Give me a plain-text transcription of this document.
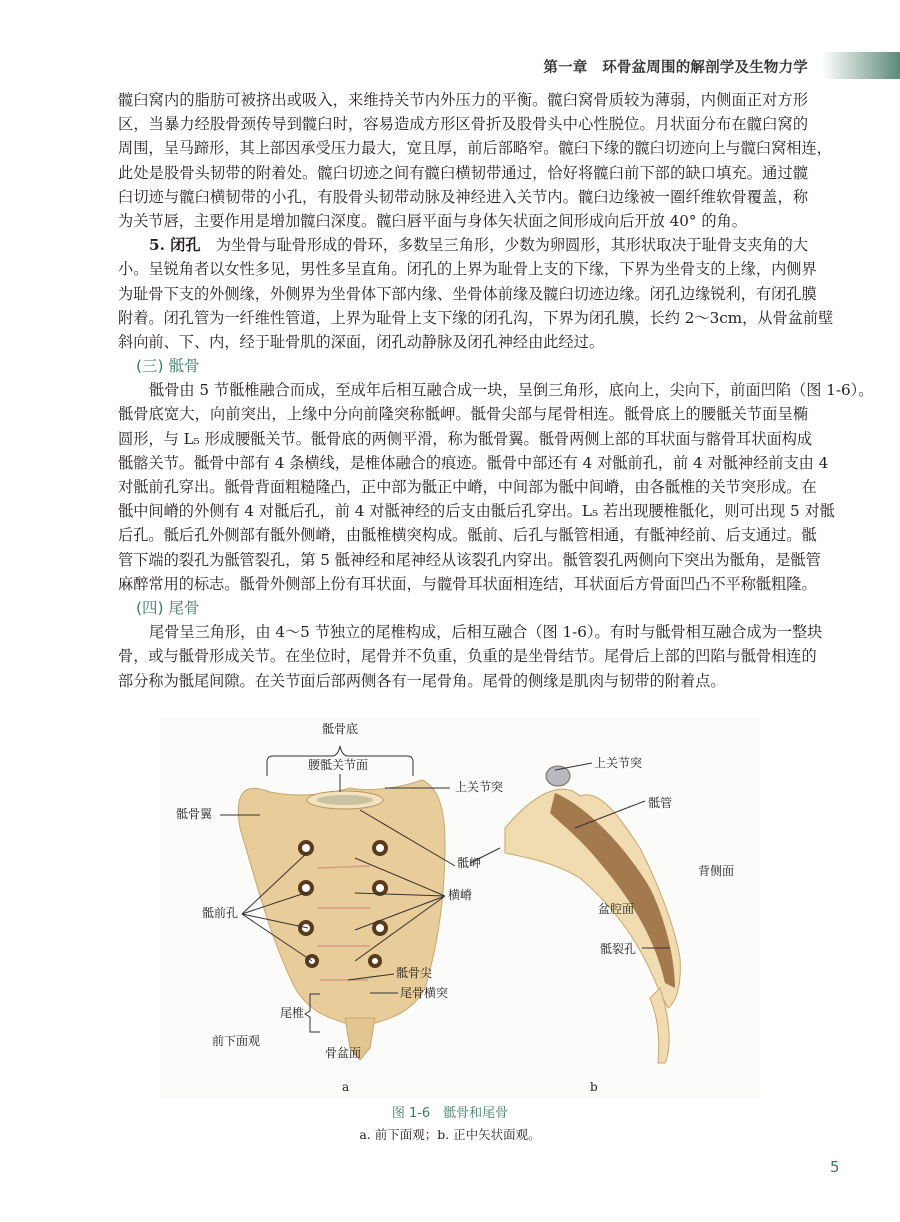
第一章　环骨盆周围的解剖学及生物力学
髋臼窝内的脂肪可被挤出或吸入，来维持关节内外压力的平衡。髋臼窝骨质较为薄弱，内侧面正对方形
区，当暴力经股骨颈传导到髋臼时，容易造成方形区骨折及股骨头中心性脱位。月状面分布在髋臼窝的
周围，呈马蹄形，其上部因承受压力最大，宽且厚，前后部略窄。髋臼下缘的髋臼切迹向上与髋臼窝相连，
此处是股骨头韧带的附着处。髋臼切迹之间有髋臼横韧带通过，恰好将髋臼前下部的缺口填充。通过髋
臼切迹与髋臼横韧带的小孔，有股骨头韧带动脉及神经进入关节内。髋臼边缘被一圈纤维软骨覆盖，称
为关节唇，主要作用是增加髋臼深度。髋臼唇平面与身体矢状面之间形成向后开放 40° 的角。
5. 闭孔 　为坐骨与耻骨形成的骨环，多数呈三角形，少数为卵圆形，其形状取决于耻骨支夹角的大
小。呈锐角者以女性多见，男性多呈直角。闭孔的上界为耻骨上支的下缘，下界为坐骨支的上缘，内侧界
为耻骨下支的外侧缘，外侧界为坐骨体下部内缘、坐骨体前缘及髋臼切迹边缘。闭孔边缘锐利，有闭孔膜
附着。闭孔管为一纤维性管道，上界为耻骨上支下缘的闭孔沟，下界为闭孔膜，长约 2～3cm，从骨盆前壁
斜向前、下、内，经于耻骨肌的深面，闭孔动静脉及闭孔神经由此经过。
(三) 骶骨
骶骨由 5 节骶椎融合而成，至成年后相互融合成一块，呈倒三角形，底向上，尖向下，前面凹陷（图 1-6）。
骶骨底宽大，向前突出，上缘中分向前隆突称骶岬。骶骨尖部与尾骨相连。骶骨底上的腰骶关节面呈椭
圆形，与 L₅ 形成腰骶关节。骶骨底的两侧平滑，称为骶骨翼。骶骨两侧上部的耳状面与髂骨耳状面构成
骶髂关节。骶骨中部有 4 条横线，是椎体融合的痕迹。骶骨中部还有 4 对骶前孔，前 4 对骶神经前支由 4
对骶前孔穿出。骶骨背面粗糙隆凸，正中部为骶正中嵴，中间部为骶中间嵴，由各骶椎的关节突形成。在
骶中间嵴的外侧有 4 对骶后孔，前 4 对骶神经的后支由骶后孔穿出。L₅ 若出现腰椎骶化，则可出现 5 对骶
后孔。骶后孔外侧部有骶外侧嵴，由骶椎横突构成。骶前、后孔与骶管相通，有骶神经前、后支通过。骶
管下端的裂孔为骶管裂孔，第 5 骶神经和尾神经从该裂孔内穿出。骶管裂孔两侧向下突出为骶角，是骶管
麻醉常用的标志。骶骨外侧部上份有耳状面，与髋骨耳状面相连结，耳状面后方骨面凹凸不平称骶粗隆。
(四) 尾骨
尾骨呈三角形，由 4～5 节独立的尾椎构成，后相互融合（图 1-6）。有时与骶骨相互融合成为一整块
骨，或与骶骨形成关节。在坐位时，尾骨并不负重，负重的是坐骨结节。尾骨后上部的凹陷与骶骨相连的
部分称为骶尾间隙。在关节面后部两侧各有一尾骨角。尾骨的侧缘是肌肉与韧带的附着点。
骶骨底
腰骶关节面
上关节突
骶骨翼
骶岬
横嵴
骶前孔
骶骨尖
尾骨横突
尾椎
前下面观
骨盆面
a
上关节突
骶管
背侧面
盆腔面
骶裂孔
b
图 1-6　骶骨和尾骨
a. 前下面观；b. 正中矢状面观。
5
